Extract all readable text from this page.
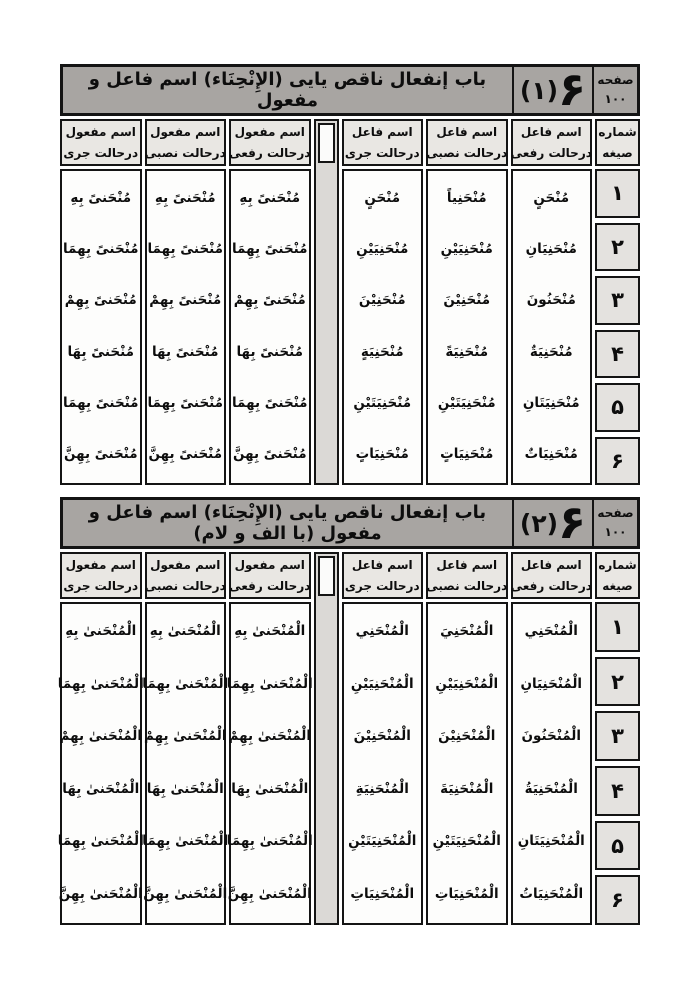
صفحه
۱۰۰
۶
(۱)
باب إنفعال ناقص یایی (الإِنْحِنَاء) اسم فاعل و مفعول
شماره
صیغه
۱
۲
۳
۴
۵
۶
اسم فاعل
درحالت رفعی
مُنْحَنٍ
مُنْحَنِيَانِ
مُنْحَنُونَ
مُنْحَنِيَةٌ
مُنْحَنِيَتَانِ
مُنْحَنِيَاتٌ
اسم فاعل
درحالت نصبی
مُنْحَنِياً
مُنْحَنِيَيْنِ
مُنْحَنِيْنَ
مُنْحَنِيَةً
مُنْحَنِيَتَيْنِ
مُنْحَنِيَاتٍ
اسم فاعل
درحالت جری
مُنْحَنٍ
مُنْحَنِيَيْنِ
مُنْحَنِيْنَ
مُنْحَنِيَةٍ
مُنْحَنِيَتَيْنِ
مُنْحَنِيَاتٍ
اسم مفعول
درحالت رفعی
مُنْحَنىً بِهِ
مُنْحَنىً بِهِمَا
مُنْحَنىً بِهِمْ
مُنْحَنىً بِهَا
مُنْحَنىً بِهِمَا
مُنْحَنىً بِهِنَّ
اسم مفعول
درحالت نصبی
مُنْحَنىً بِهِ
مُنْحَنىً بِهِمَا
مُنْحَنىً بِهِمْ
مُنْحَنىً بِهَا
مُنْحَنىً بِهِمَا
مُنْحَنىً بِهِنَّ
اسم مفعول
درحالت جری
مُنْحَنىً بِهِ
مُنْحَنىً بِهِمَا
مُنْحَنىً بِهِمْ
مُنْحَنىً بِهَا
مُنْحَنىً بِهِمَا
مُنْحَنىً بِهِنَّ
صفحه
۱۰۰
۶
(۲)
باب إنفعال ناقص یایی (الإِنْحِنَاء) اسم فاعل و مفعول (با الف و لام)
شماره
صیغه
۱
۲
۳
۴
۵
۶
اسم فاعل
درحالت رفعی
الْمُنْحَنِي
الْمُنْحَنِيَانِ
الْمُنْحَنُونَ
الْمُنْحَنِيَةُ
الْمُنْحَنِيَتَانِ
الْمُنْحَنِيَاتُ
اسم فاعل
درحالت نصبی
الْمُنْحَنِيَ
الْمُنْحَنِيَيْنِ
الْمُنْحَنِيْنَ
الْمُنْحَنِيَةَ
الْمُنْحَنِيَتَيْنِ
الْمُنْحَنِيَاتِ
اسم فاعل
درحالت جری
الْمُنْحَنِي
الْمُنْحَنِيَيْنِ
الْمُنْحَنِيْنَ
الْمُنْحَنِيَةِ
الْمُنْحَنِيَتَيْنِ
الْمُنْحَنِيَاتِ
اسم مفعول
درحالت رفعی
الْمُنْحَنىٰ بِهِ
الْمُنْحَنىٰ بِهِمَا
الْمُنْحَنىٰ بِهِمْ
الْمُنْحَنىٰ بِهَا
الْمُنْحَنىٰ بِهِمَا
الْمُنْحَنىٰ بِهِنَّ
اسم مفعول
درحالت نصبی
الْمُنْحَنىٰ بِهِ
الْمُنْحَنىٰ بِهِمَا
الْمُنْحَنىٰ بِهِمْ
الْمُنْحَنىٰ بِهَا
الْمُنْحَنىٰ بِهِمَا
الْمُنْحَنىٰ بِهِنَّ
اسم مفعول
درحالت جری
الْمُنْحَنىٰ بِهِ
الْمُنْحَنىٰ بِهِمَا
الْمُنْحَنىٰ بِهِمْ
الْمُنْحَنىٰ بِهَا
الْمُنْحَنىٰ بِهِمَا
الْمُنْحَنىٰ بِهِنَّ
